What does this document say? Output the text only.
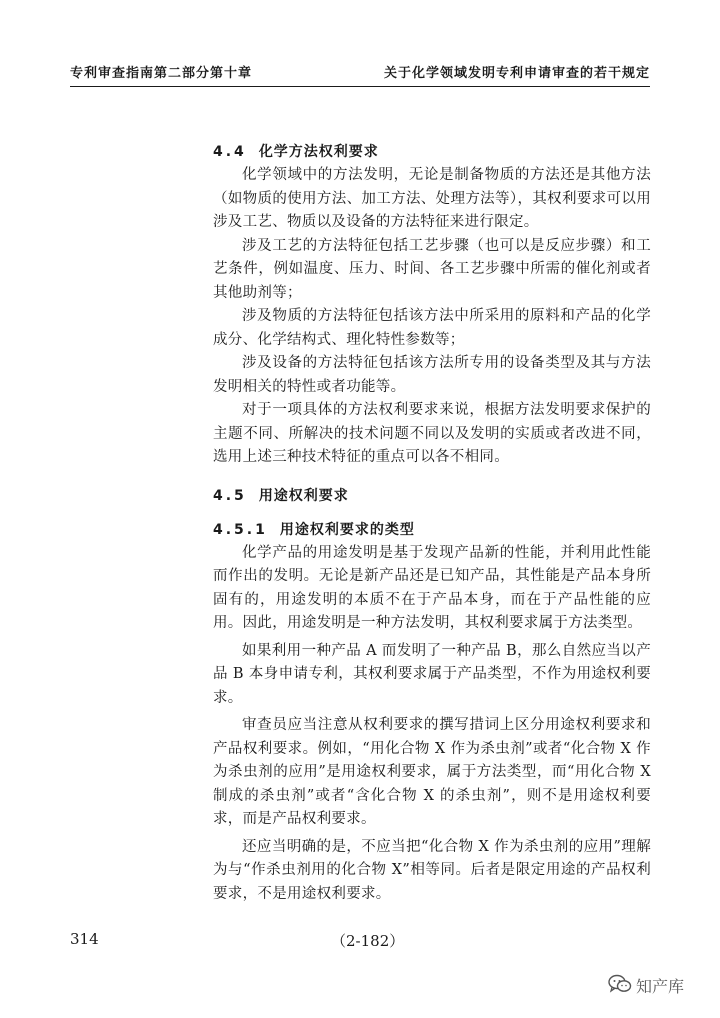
专利审查指南第二部分第十章	关于化学领域发明专利申请审查的若干规定
4.4 化学方法权利要求

化学领域中的方法发明，无论是制备物质的方法还是其他方法（如物质的使用方法、加工方法、处理方法等），其权利要求可以用涉及工艺、物质以及设备的方法特征来进行限定。

涉及工艺的方法特征包括工艺步骤（也可以是反应步骤）和工艺条件，例如温度、压力、时间、各工艺步骤中所需的催化剂或者其他助剂等；

涉及物质的方法特征包括该方法中所采用的原料和产品的化学成分、化学结构式、理化特性参数等；

涉及设备的方法特征包括该方法所专用的设备类型及其与方法发明相关的特性或者功能等。

对于一项具体的方法权利要求来说，根据方法发明要求保护的主题不同、所解决的技术问题不同以及发明的实质或者改进不同，选用上述三种技术特征的重点可以各不相同。

4.5 用途权利要求
4.5.1 用途权利要求的类型

化学产品的用途发明是基于发现产品新的性能，并利用此性能而作出的发明。无论是新产品还是已知产品，其性能是产品本身所固有的，用途发明的本质不在于产品本身，而在于产品性能的应用。因此，用途发明是一种方法发明，其权利要求属于方法类型。

如果利用一种产品 A 而发明了一种产品 B，那么自然应当以产品 B 本身申请专利，其权利要求属于产品类型，不作为用途权利要求。

审查员应当注意从权利要求的撰写措词上区分用途权利要求和产品权利要求。例如，“用化合物 X 作为杀虫剂”或者“化合物 X 作为杀虫剂的应用”是用途权利要求，属于方法类型，而“用化合物 X 制成的杀虫剂”或者“含化合物 X 的杀虫剂”，则不是用途权利要求，而是产品权利要求。

还应当明确的是，不应当把“化合物 X 作为杀虫剂的应用”理解为与“作杀虫剂用的化合物 X”相等同。后者是限定用途的产品权利要求，不是用途权利要求。

314	（2-182）
知产库
